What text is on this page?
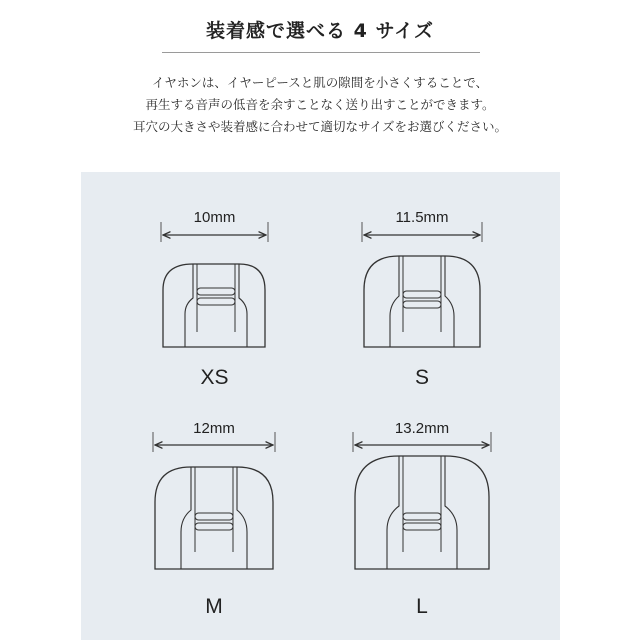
装着感で選べる 4 サイズ
イヤホンは、イヤーピースと肌の隙間を小さくすることで、
再生する音声の低音を余すことなく送り出すことができます。
耳穴の大きさや装着感に合わせて適切なサイズをお選びください。
10mm
XS
11.5mm
S
12mm
M
13.2mm
L
